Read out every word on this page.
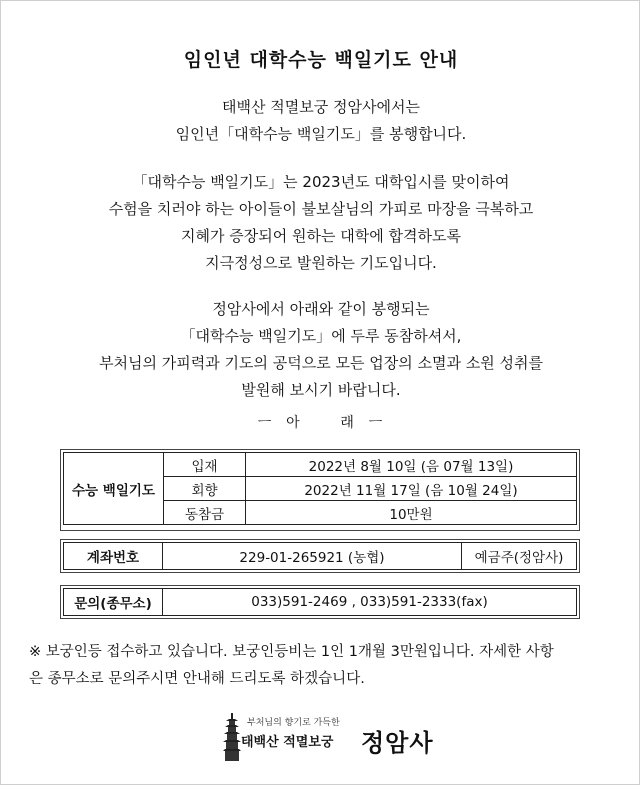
임인년 대학수능 백일기도 안내

태백산 적멸보궁 정암사에서는

임인년「대학수능 백일기도」를 봉행합니다.

「대학수능 백일기도」는 2023년도 대학입시를 맞이하여

수험을 치러야 하는 아이들이 불보살님의 가피로 마장을 극복하고

지혜가 증장되어 원하는 대학에 합격하도록

지극정성으로 발원하는 기도입니다.

정암사에서 아래와 같이 봉행되는

「대학수능 백일기도」에 두루 동참하셔서,

부처님의 가피력과 기도의 공덕으로 모든 업장의 소멸과 소원 성취를

발원해 보시기 바랍니다.

ㅡ  아      래  ㅡ
수능 백일기도	입재	2022년 8월 10일 (음 07월 13일)
	회향	2022년 11월 17일 (음 10월 24일)
	동참금	10만원
계좌번호	229-01-265921 (농협)	예금주(정암사)
문의(종무소)	033)591-2469 , 033)591-2333(fax)

※ 보궁인등 접수하고 있습니다. 보궁인등비는 1인 1개월 3만원입니다. 자세한 사항

은 종무소로 문의주시면 안내해 드리도록 하겠습니다.

부처님의 향기로 가득한
태백산 적멸보궁 정암사
